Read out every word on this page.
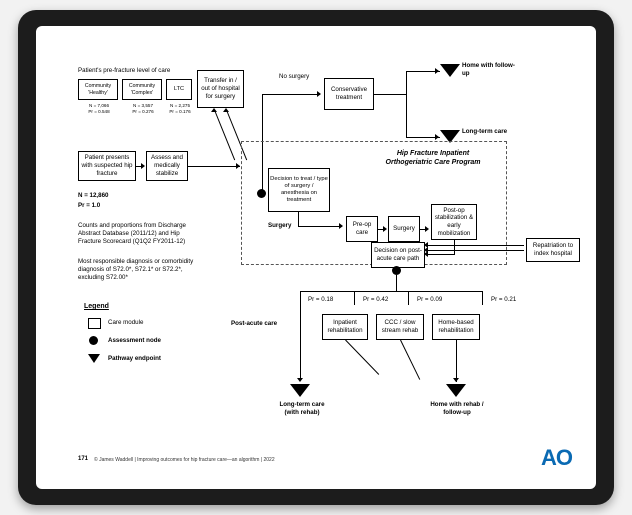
Patient's pre-fracture level of care
Community
'Healthy'
Community
'Complex'
LTC
N = 7,066
Pr = 0.548
N = 3,557
Pr = 0.276
N = 2,275
Pr = 0.176
Transfer in / out of hospital for surgery
Patient presents with suspected hip fracture
Assess and medically stabilize
N = 12,860
Pr = 1.0
Counts and proportions from Discharge Abstract Database (2011/12) and Hip Fracture Scorecard (Q1Q2 FY2011-12)
Most responsible diagnosis or comorbidity diagnosis of S72.0*, S72.1* or S72.2*, excluding S72.00*
Legend
Care module
Assessment node
Pathway endpoint
No surgery
Conservative treatment
Home with follow-up
Long-term care
Hip Fracture Inpatient
Orthogeriatric Care Program
Decision to treat / type of surgery / anesthesia on treatment
Surgery	Pre-op care
Surgery
Post-op stabilization & early mobilization
Decision on post-acute care path
Repatriation to index hospital
Pr = 0.18	Pr = 0.42	Pr = 0.09	Pr = 0.21
Inpatient rehabilitation
CCC / slow stream rehab
Home-based rehabilitation
Post-acute care
Long-term care (with rehab)
Home with rehab / follow-up
171 © James Waddell | Improving outcomes for hip fracture care—an algorithm | 2022	AO
